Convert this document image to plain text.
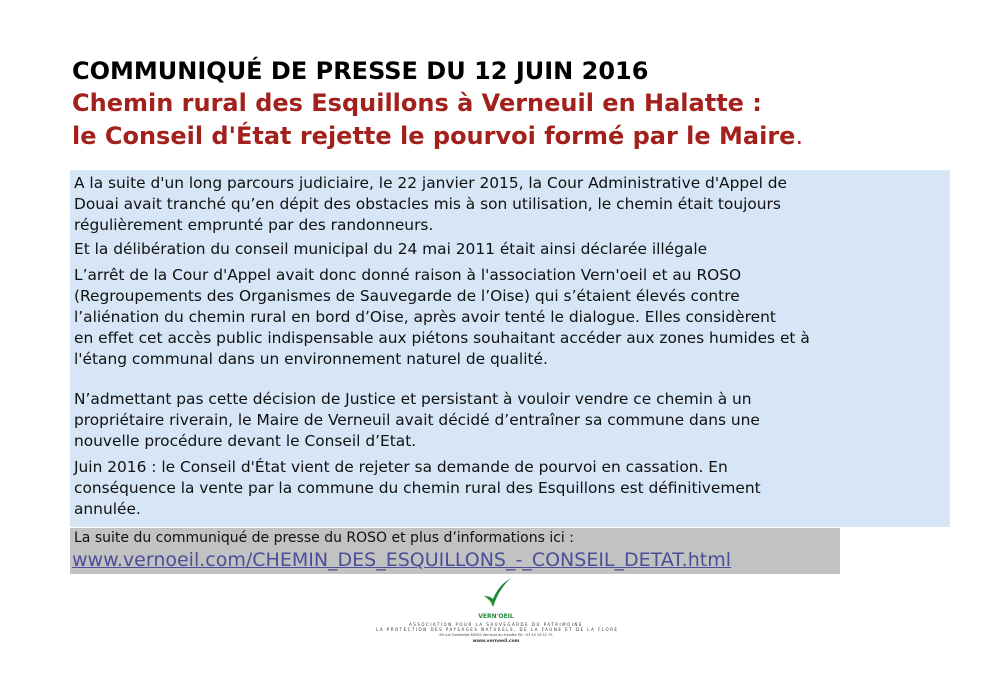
COMMUNIQUÉ DE PRESSE DU 12 JUIN 2016
Chemin rural des Esquillons à Verneuil en Halatte :
le Conseil d'État rejette le pourvoi formé par le Maire.

A la suite d'un long parcours judiciaire, le 22 janvier 2015, la Cour Administrative d'Appel de
Douai avait tranché qu’en dépit des obstacles mis à son utilisation, le chemin était toujours
régulièrement emprunté par des randonneurs.

Et la délibération du conseil municipal du 24 mai 2011 était ainsi déclarée illégale

L’arrêt de la Cour d'Appel avait donc donné raison à l'association Vern'oeil et au ROSO
(Regroupements des Organismes de Sauvegarde de l’Oise) qui s’étaient élevés contre
l’aliénation du chemin rural en bord d’Oise, après avoir tenté le dialogue. Elles considèrent
en effet cet accès public indispensable aux piétons souhaitant accéder aux zones humides et à
l'étang communal dans un environnement naturel de qualité.

N’admettant pas cette décision de Justice et persistant à vouloir vendre ce chemin à un
propriétaire riverain, le Maire de Verneuil avait décidé d’entraîner sa commune dans une
nouvelle procédure devant le Conseil d’Etat.

Juin 2016 : le Conseil d'État vient de rejeter sa demande de pourvoi en cassation. En
conséquence la vente par la commune du chemin rural des Esquillons est définitivement
annulée.

La suite du communiqué de presse du ROSO et plus d’informations ici :

www.vernoeil.com/CHEMIN_DES_ESQUILLONS_-_CONSEIL_DETAT.html
VERN'OEIL
ASSOCIATION POUR LA SAUVEGARDE DU PATRIMOINE
LA PROTECTION DES PAYSAGES NATURELS, DE LA FAUNE ET DE LA FLORE
60 rue Gambetta 60550 Verneuil-en-Halatte Tel : 03 44 24 51 75
www.vernoeil.com
